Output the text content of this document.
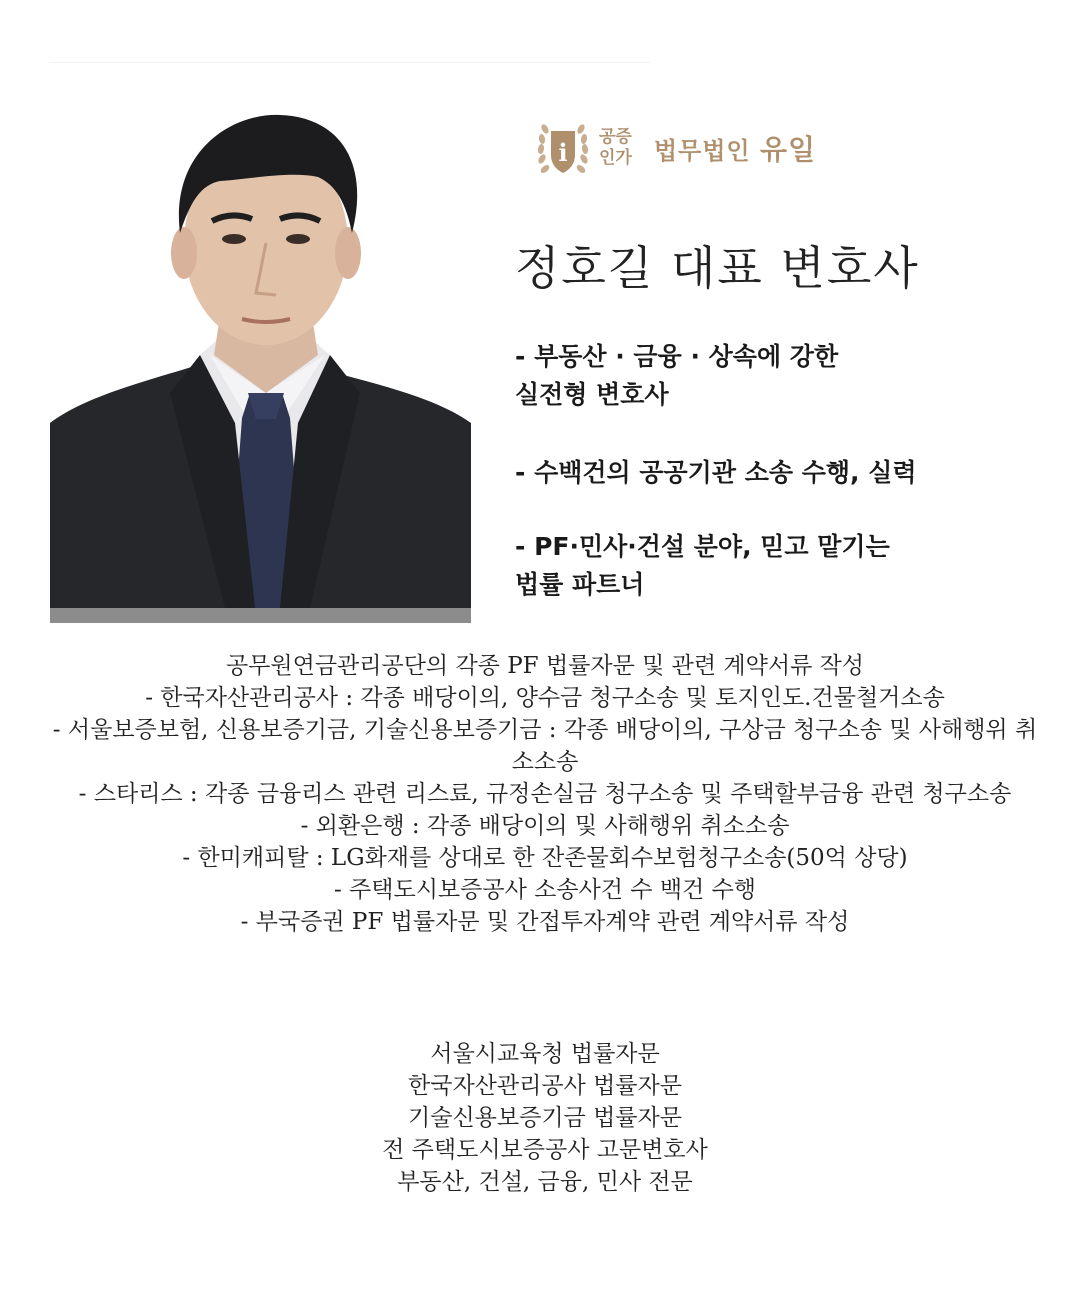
i
공증
인가 법무법인 유일
정호길 대표 변호사
- 부동산 · 금융 · 상속에 강한
실전형 변호사
- 수백건의 공공기관 소송 수행, 실력
- PF·민사·건설 분야, 믿고 맡기는
법률 파트너

공무원연금관리공단의 각종 PF 법률자문 및 관련 계약서류 작성

- 한국자산관리공사 : 각종 배당이의, 양수금 청구소송 및 토지인도.건물철거소송

- 서울보증보험, 신용보증기금, 기술신용보증기금 : 각종 배당이의, 구상금 청구소송 및 사해행위 취소소송

- 스타리스 : 각종 금융리스 관련 리스료, 규정손실금 청구소송 및 주택할부금융 관련 청구소송

- 외환은행 : 각종 배당이의 및 사해행위 취소소송

- 한미캐피탈 : LG화재를 상대로 한 잔존물회수보험청구소송(50억 상당)

- 주택도시보증공사 소송사건 수 백건 수행

- 부국증권 PF 법률자문 및 간접투자계약 관련 계약서류 작성

서울시교육청 법률자문

한국자산관리공사 법률자문

기술신용보증기금 법률자문

전 주택도시보증공사 고문변호사

부동산, 건설, 금융, 민사 전문
